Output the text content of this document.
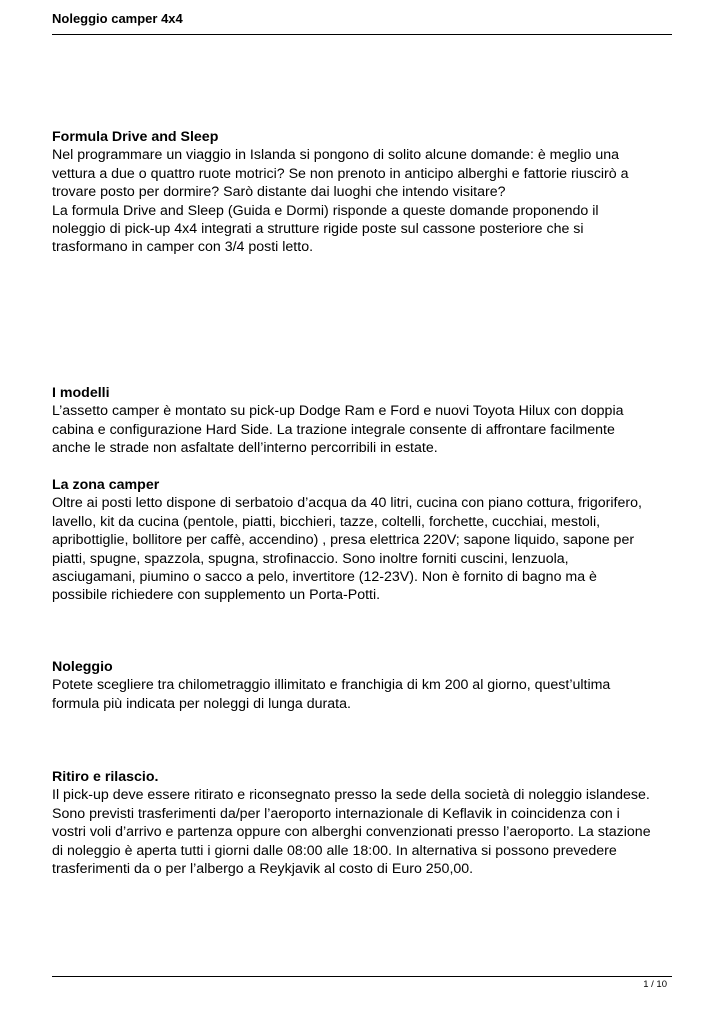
Noleggio camper 4x4

Formula Drive and Sleep

Nel programmare un viaggio in Islanda si pongono di solito alcune domande: è meglio una

vettura a due o quattro ruote motrici? Se non prenoto in anticipo alberghi e fattorie riuscirò a

trovare posto per dormire? Sarò distante dai luoghi che intendo visitare?

La formula Drive and Sleep (Guida e Dormi) risponde a queste domande proponendo il

noleggio di pick-up 4x4 integrati a strutture rigide poste sul cassone posteriore che si

trasformano in camper con 3/4 posti letto.

I modelli

L’assetto camper è montato su pick-up Dodge Ram e Ford e nuovi Toyota Hilux con doppia

cabina e configurazione Hard Side. La trazione integrale consente di affrontare facilmente

anche le strade non asfaltate dell’interno percorribili in estate.

La zona camper

Oltre ai posti letto dispone di serbatoio d’acqua da 40 litri, cucina con piano cottura, frigorifero,

lavello, kit da cucina (pentole, piatti, bicchieri, tazze, coltelli, forchette, cucchiai, mestoli,

apribottiglie, bollitore per caffè, accendino) , presa elettrica 220V; sapone liquido, sapone per

piatti, spugne, spazzola, spugna, strofinaccio. Sono inoltre forniti cuscini, lenzuola,

asciugamani, piumino o sacco a pelo, invertitore (12-23V). Non è fornito di bagno ma è

possibile richiedere con supplemento un Porta-Potti.

Noleggio

Potete scegliere tra chilometraggio illimitato e franchigia di km 200 al giorno, quest’ultima

formula più indicata per noleggi di lunga durata.

Ritiro e rilascio.

Il pick-up deve essere ritirato e riconsegnato presso la sede della società di noleggio islandese.

Sono previsti trasferimenti da/per l’aeroporto internazionale di Keflavik in coincidenza con i

vostri voli d’arrivo e partenza oppure con alberghi convenzionati presso l’aeroporto. La stazione

di noleggio è aperta tutti i giorni dalle 08:00 alle 18:00. In alternativa si possono prevedere

trasferimenti da o per l’albergo a Reykjavik al costo di Euro 250,00.

1 / 10
